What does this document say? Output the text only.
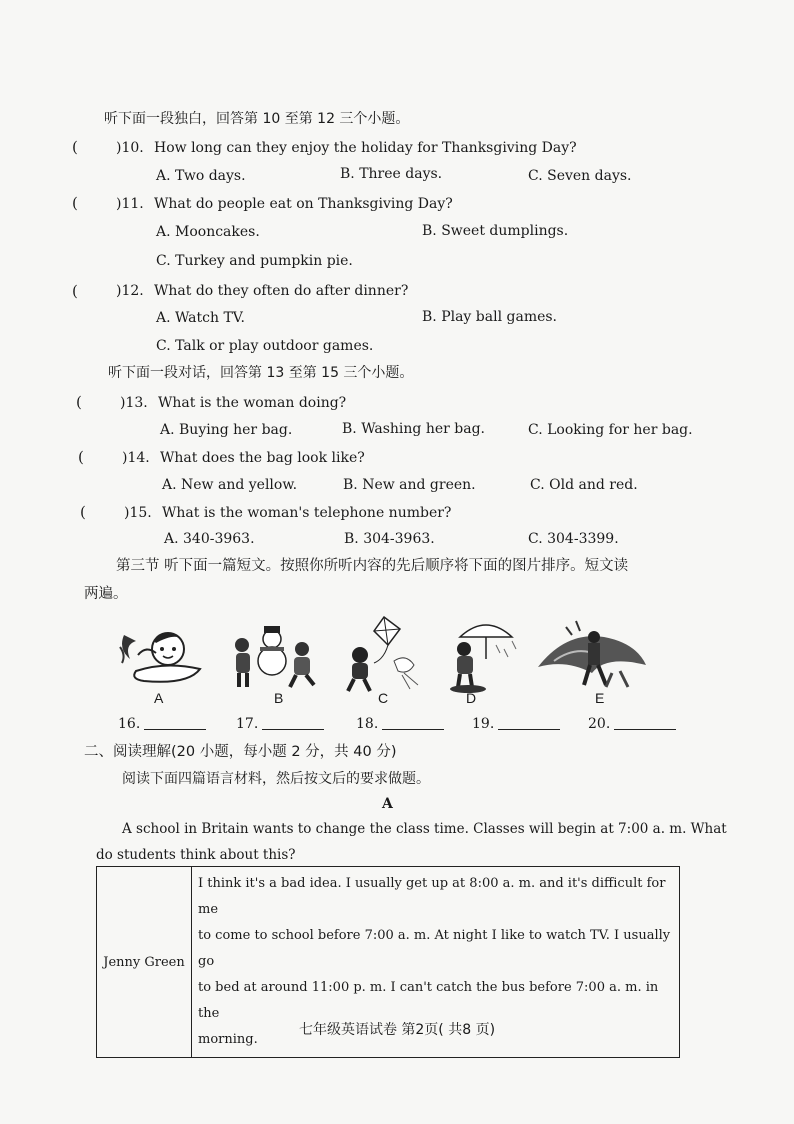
听下面一段独白，回答第 10 至第 12 三个小题。
(	)10. How long can they enjoy the holiday for Thanksgiving Day?
A. Two days.	B. Three days.	C. Seven days.
(	)11. What do people eat on Thanksgiving Day?
A. Mooncakes.	B. Sweet dumplings.
C. Turkey and pumpkin pie.
(	)12. What do they often do after dinner?
A. Watch TV.	B. Play ball games.
C. Talk or play outdoor games.
听下面一段对话，回答第 13 至第 15 三个小题。
(	)13. What is the woman doing?
A. Buying her bag.	B. Washing her bag.	C. Looking for her bag.
(	)14. What does the bag look like?
A. New and yellow.	B. New and green.	C. Old and red.
(	)15. What is the woman's telephone number?
A. 340-3963.	B. 304-3963.	C. 304-3399.
第三节 听下面一篇短文。按照你所听内容的先后顺序将下面的图片排序。短文读
两遍。
A	B	C	D	E
16.	17.	18.	19.	20.
二、阅读理解(20 小题，每小题 2 分，共 40 分)
阅读下面四篇语言材料，然后按文后的要求做题。
A
A school in Britain wants to change the class time. Classes will begin at 7:00 a. m. What
do students think about this?
Jenny Green	
I think it's a bad idea. I usually get up at 8:00 a. m. and it's difficult for me
to come to school before 7:00 a. m. At night I like to watch TV. I usually go
to bed at around 11:00 p. m. I can't catch the bus before 7:00 a. m. in the
morning.
七年级英语试卷 第2页( 共8 页)
